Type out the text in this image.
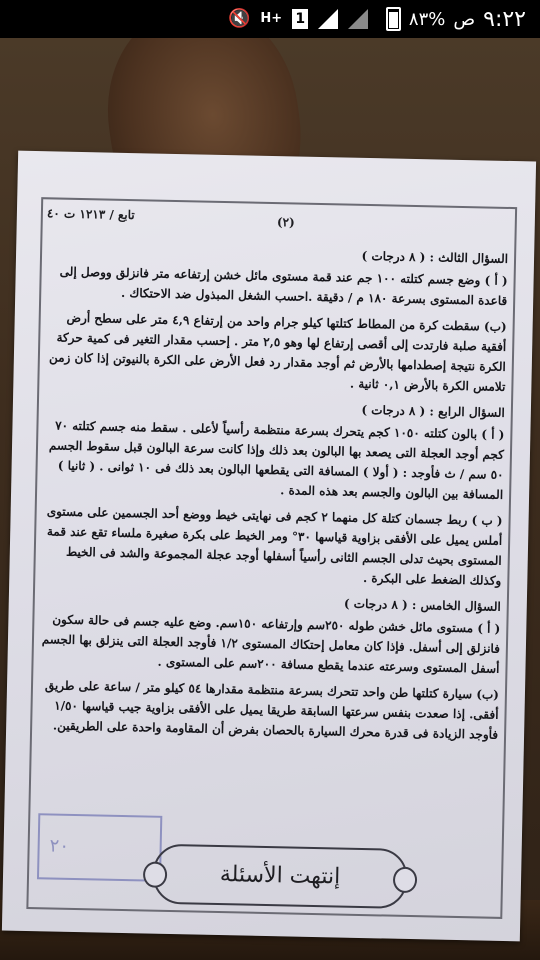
🔇 H+ 1	٨٣% ص ٩:٢٢
(٢)
تابع / ١٢١٣ ت ٤٠
السؤال الثالث : ( ٨ درجات )
( أ ) وضع جسم كتلته ١٠٠ جم عند قمة مستوى مائل خشن إرتفاعه متر فانزلق ووصل إلى قاعدة المستوى بسرعة ١٨٠ م / دقيقة .احسب الشغل المبذول ضد الاحتكاك .
(ب) سقطت كرة من المطاط كتلتها كيلو جرام واحد من إرتفاع ٤,٩ متر على سطح أرض أفقية صلبة فارتدت إلى أقصى إرتفاع لها وهو ٢,٥ متر . إحسب مقدار التغير فى كمية حركة الكرة نتيجة إصطدامها بالأرض ثم أوجد مقدار رد فعل الأرض على الكرة بالنيوتن إذا كان زمن تلامس الكرة بالأرض ٠,١ ثانية .
السؤال الرابع : ( ٨ درجات )
( أ ) بالون كتلته ١٠٥٠ كجم يتحرك بسرعة منتظمة رأسياً لأعلى . سقط منه جسم كتلته ٧٠ كجم أوجد العجلة التى يصعد بها البالون بعد ذلك وإذا كانت سرعة البالون قبل سقوط الجسم ٥٠ سم / ث فأوجد : ( أولا ) المسافة التى يقطعها البالون بعد ذلك فى ١٠ ثوانى . ( ثانيا ) المسافة بين البالون والجسم بعد هذه المدة .
( ب ) ربط جسمان كتلة كل منهما ٢ كجم فى نهايتى خيط ووضع أحد الجسمين على مستوى أملس يميل على الأفقى بزاوية قياسها ٣٠° ومر الخيط على بكرة صغيرة ملساء تقع عند قمة المستوى بحيث تدلى الجسم الثانى رأسياً أسفلها أوجد عجلة المجموعة والشد فى الخيط وكذلك الضغط على البكرة .
السؤال الخامس : ( ٨ درجات )
( أ ) مستوى مائل خشن طوله ٢٥٠سم وإرتفاعه ١٥٠سم. وضع عليه جسم فى حالة سكون فانزلق إلى أسفل. فإذا كان معامل إحتكاك المستوى ١/٢ فأوجد العجلة التى ينزلق بها الجسم أسفل المستوى وسرعته عندما يقطع مسافة ٢٠٠سم على المستوى .
(ب) سيارة كتلتها طن واحد تتحرك بسرعة منتظمة مقدارها ٥٤ كيلو متر / ساعة على طريق أفقى. إذا صعدت بنفس سرعتها السابقة طريقا يميل على الأفقى بزاوية جيب قياسها ١/٥٠ فأوجد الزيادة فى قدرة محرك السيارة بالحصان بفرض أن المقاومة واحدة على الطريقين.
٢٠
إنتهت الأسئلة
